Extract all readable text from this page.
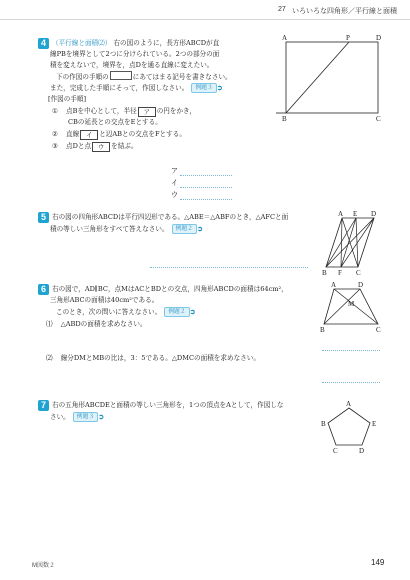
27 いろいろな四角形／平行線と面積
4 （平行線と面積⑵） 右の図のように，長方形ABCDが直
線PBを境界として2つに分けられている。2つの部分の面
積を変えないで，境界を，点Dを通る直線に変えたい。
下の作図の手順の	にあてはまる記号を書きなさい。
また，完成した手順にそって，作図しなさい。 例題３ ➲
[作図の手順]
① 点Bを中心として，半径 ア の円をかき，
CBの延長との交点をEとする。
② 直線 イ と辺ABとの交点をFとする。
③ 点Dと点 ウ を結ぶ。
ア
イ
ウ
A	P	D
B	C
5 右の図の四角形ABCDは平行四辺形である。△ABE＝△ABFのとき，△AFCと面
積の等しい三角形をすべて答えなさい。 例題２ ➲
A E D
B F C
6 右の図で，AD∥BC，点MはACとBDとの交点，四角形ABCDの面積は64cm²，
三角形ABCの面積は40cm²である。
このとき，次の問いに答えなさい。 例題２ ➲
⑴ △ABDの面積を求めなさい。
⑵ 線分DMとMBの比は，3：5である。△DMCの面積を求めなさい。
A	D
M
B	C
7 右の五角形ABCDEと面積の等しい三角形を，1つの頂点をAとして，作図しな
さい。 例題３ ➲
A
B	E
C	D
M図数２	149
